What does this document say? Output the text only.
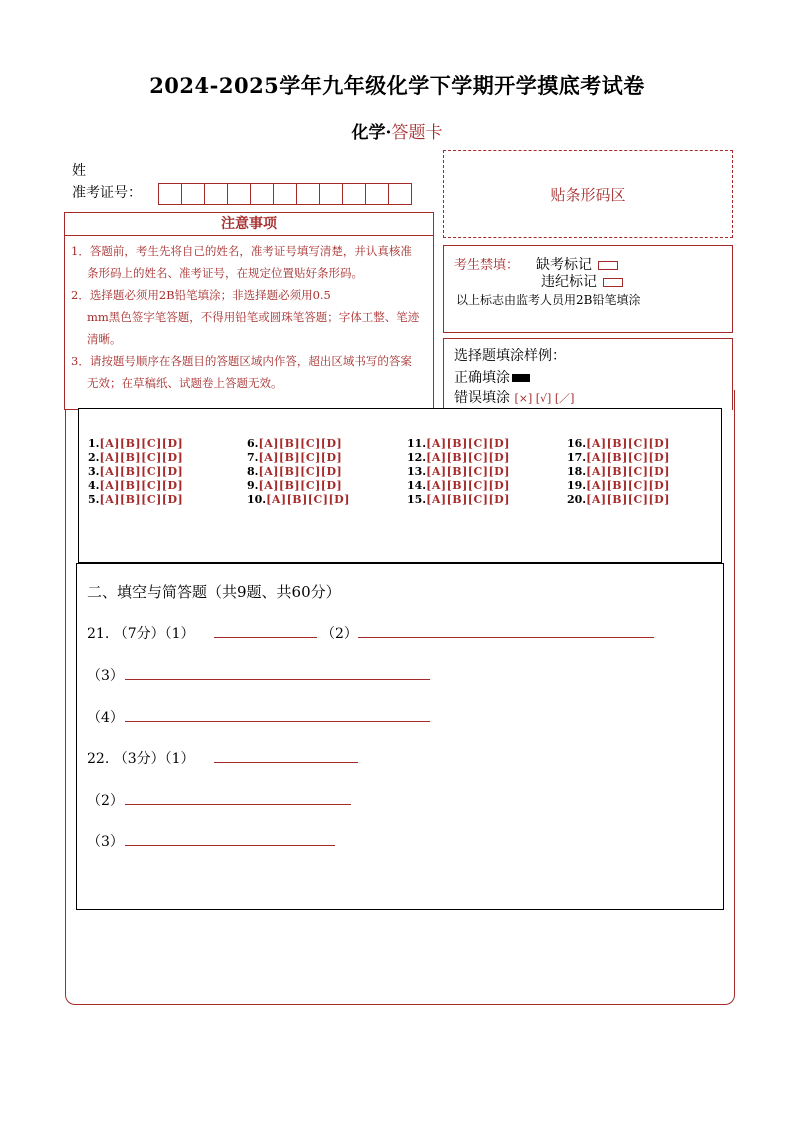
2024-2025学年九年级化学下学期开学摸底考试卷
化学·答题卡
姓
准考证号：	贴条形码区
注意事项

1．答题前，考生先将自己的姓名，准考证号填写清楚，并认真核准

条形码上的姓名、准考证号，在规定位置贴好条形码。

2．选择题必须用2B铅笔填涂；非选择题必须用0.5

mm黑色签字笔答题，不得用铅笔或圆珠笔答题；字体工整、笔迹

清晰。

3．请按题号顺序在各题目的答题区域内作答，超出区域书写的答案

无效；在草稿纸、试题卷上答题无效。

考生禁填： 缺考标记
违纪标记
以上标志由监考人员用2B铅笔填涂
选择题填涂样例：
正确填涂
错误填涂 [×] [√] [／]
1.[A][B][C][D]
2.[A][B][C][D]
3.[A][B][C][D]
4.[A][B][C][D]
5.[A][B][C][D]
6.[A][B][C][D]
7.[A][B][C][D]
8.[A][B][C][D]
9.[A][B][C][D]
10.[A][B][C][D]
11.[A][B][C][D]
12.[A][B][C][D]
13.[A][B][C][D]
14.[A][B][C][D]
15.[A][B][C][D]
16.[A][B][C][D]
17.[A][B][C][D]
18.[A][B][C][D]
19.[A][B][C][D]
20.[A][B][C][D]
二、填空与简答题（共9题、共60分）
21. （7分）（1）	（2）
（3）
（4）
22. （3分）（1）
（2）
（3）
